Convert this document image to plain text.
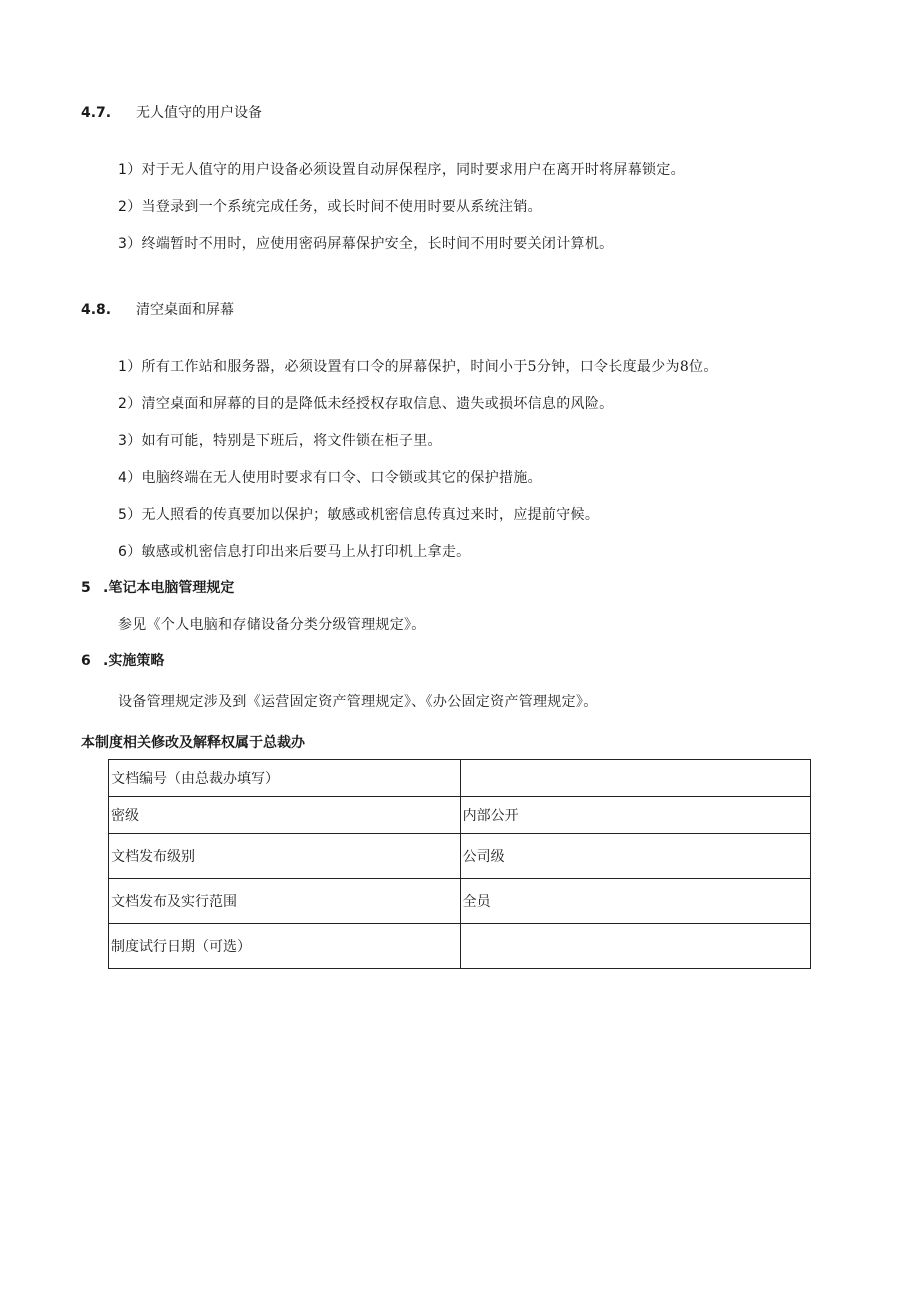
4.7. 无人值守的用户设备
1）对于无人值守的用户设备必须设置自动屏保程序，同时要求用户在离开时将屏幕锁定。
2）当登录到一个系统完成任务，或长时间不使用时要从系统注销。
3）终端暂时不用时，应使用密码屏幕保护安全，长时间不用时要关闭计算机。
4.8. 清空桌面和屏幕
1）所有工作站和服务器，必须设置有口令的屏幕保护，时间小于5分钟，口令长度最少为8位。
2）清空桌面和屏幕的目的是降低未经授权存取信息、遗失或损坏信息的风险。
3）如有可能，特别是下班后，将文件锁在柜子里。
4）电脑终端在无人使用时要求有口令、口令锁或其它的保护措施。
5）无人照看的传真要加以保护；敏感或机密信息传真过来时，应提前守候。
6）敏感或机密信息打印出来后要马上从打印机上拿走。
5 .笔记本电脑管理规定
参见《个人电脑和存储设备分类分级管理规定》。
6 .实施策略
设备管理规定涉及到《运营固定资产管理规定》、《办公固定资产管理规定》。
本制度相关修改及解释权属于总裁办
文档编号（由总裁办填写）	
密级	内部公开
文档发布级别	公司级
文档发布及实行范围	全员
制度试行日期（可选）	
